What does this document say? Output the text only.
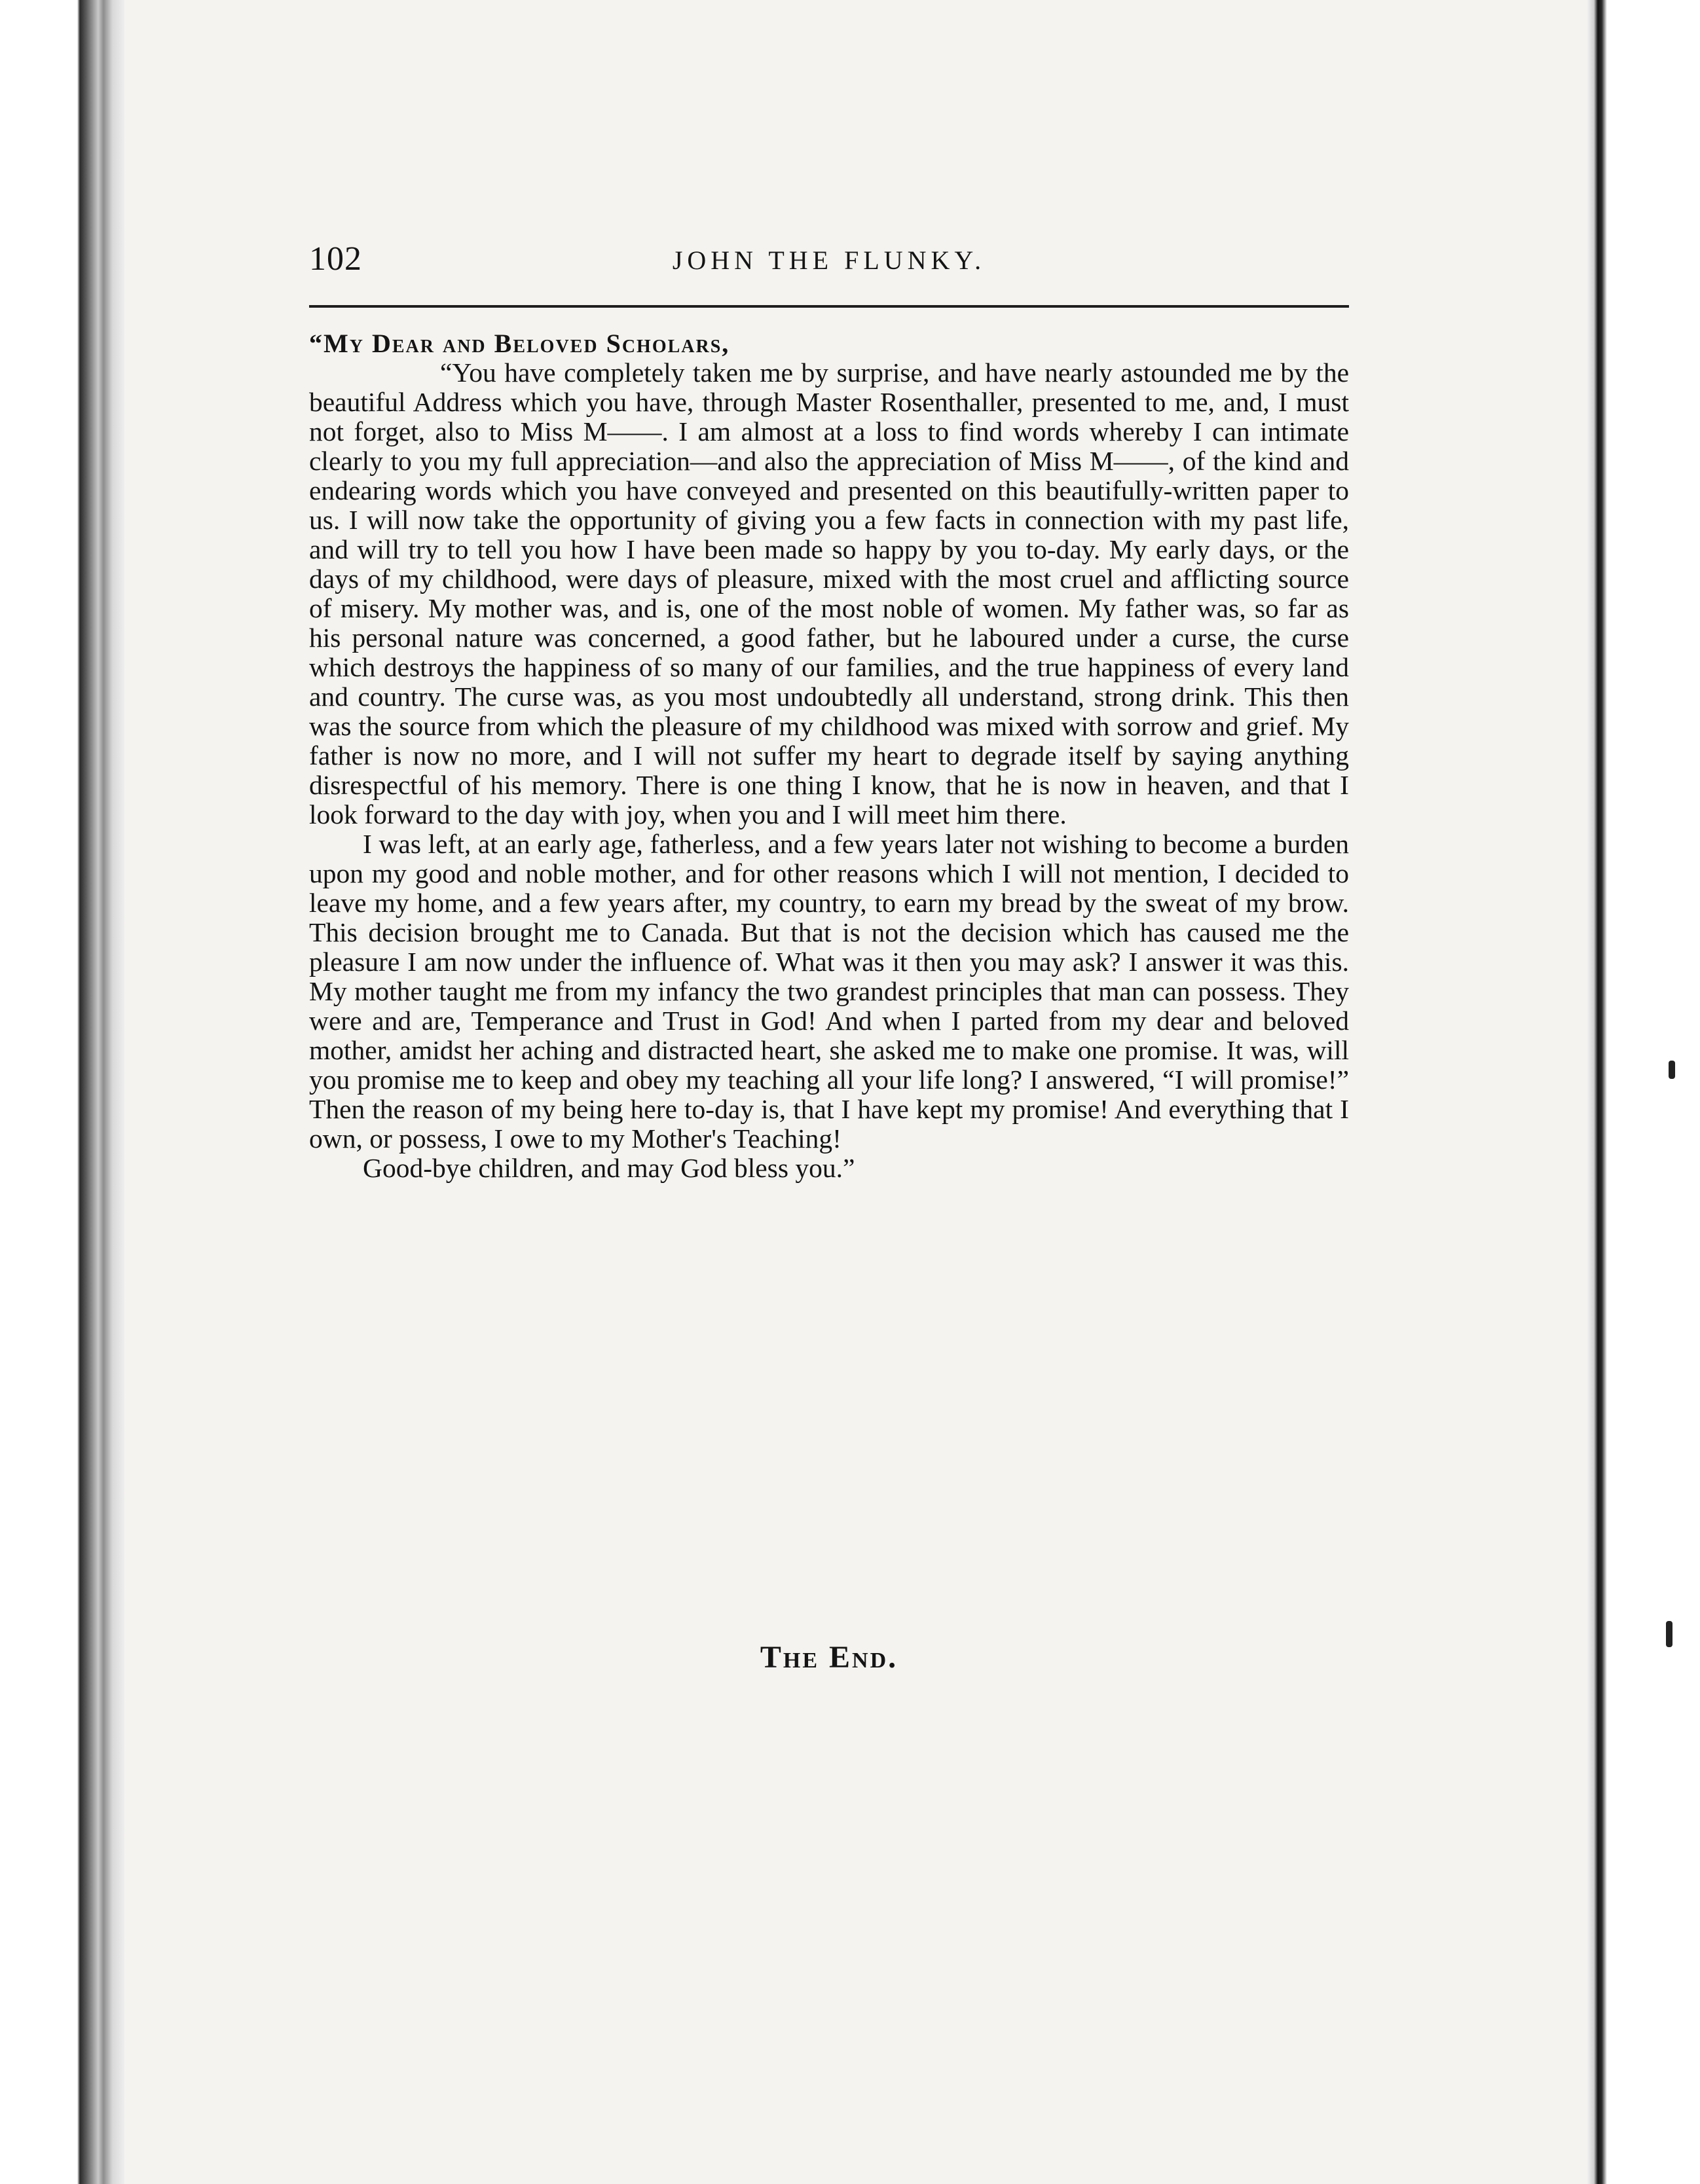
102	JOHN THE FLUNKY.

“My Dear and Beloved Scholars,

“You have completely taken me by surprise, and have nearly astounded me by the beautiful Address which you have, through Master Rosenthaller, presented to me, and, I must not forget, also to Miss M——. I am almost at a loss to find words whereby I can intimate clearly to you my full appreciation—and also the appreciation of Miss M——, of the kind and endearing words which you have conveyed and presented on this beautifully-written paper to us. I will now take the opportunity of giving you a few facts in connection with my past life, and will try to tell you how I have been made so happy by you to-day. My early days, or the days of my childhood, were days of pleasure, mixed with the most cruel and afflicting source of misery. My mother was, and is, one of the most noble of women. My father was, so far as his personal nature was concerned, a good father, but he laboured under a curse, the curse which destroys the happiness of so many of our families, and the true happiness of every land and country. The curse was, as you most undoubtedly all understand, strong drink. This then was the source from which the pleasure of my childhood was mixed with sorrow and grief. My father is now no more, and I will not suffer my heart to degrade itself by saying anything disrespectful of his memory. There is one thing I know, that he is now in heaven, and that I look forward to the day with joy, when you and I will meet him there.

I was left, at an early age, fatherless, and a few years later not wishing to become a burden upon my good and noble mother, and for other reasons which I will not mention, I decided to leave my home, and a few years after, my country, to earn my bread by the sweat of my brow. This decision brought me to Canada. But that is not the decision which has caused me the pleasure I am now under the influence of. What was it then you may ask? I answer it was this. My mother taught me from my infancy the two grandest principles that man can possess. They were and are, Temperance and Trust in God! And when I parted from my dear and beloved mother, amidst her aching and distracted heart, she asked me to make one promise. It was, will you promise me to keep and obey my teaching all your life long? I answered, “I will promise!” Then the reason of my being here to-day is, that I have kept my promise! And everything that I own, or possess, I owe to my Mother's Teaching!

Good-bye children, and may God bless you.”

The End.
